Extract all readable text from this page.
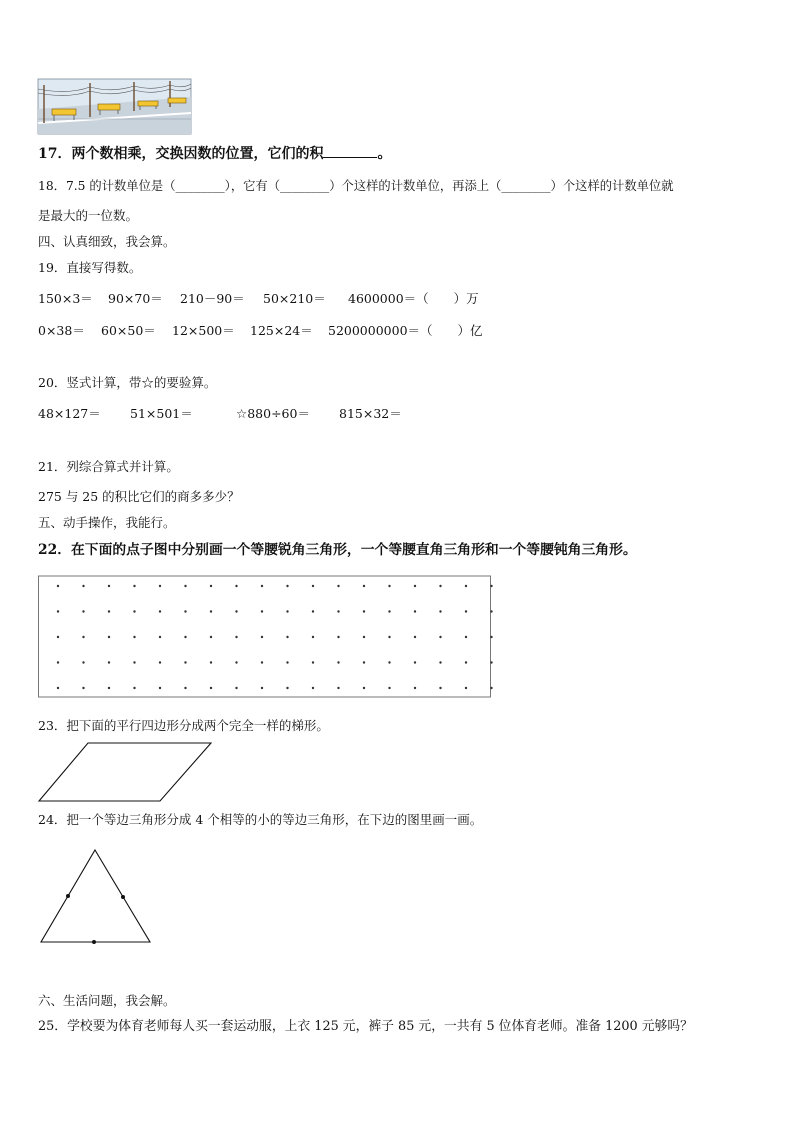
17．两个数相乘，交换因数的位置，它们的积	。
18．7.5 的计数单位是（________），它有（________）个这样的计数单位，再添上（________）个这样的计数单位就
是最大的一位数。
四、认真细致，我会算。
19．直接写得数。
150×3＝ 90×70＝ 210－90＝ 50×210＝ 4600000＝（　　）万
0×38＝ 60×50＝ 12×500＝ 125×24＝ 5200000000＝（　　）亿
20．竖式计算，带☆的要验算。
48×127＝ 51×501＝	☆880÷60＝ 815×32＝
21．列综合算式并计算。
275 与 25 的积比它们的商多多少？
五、动手操作，我能行。
22．在下面的点子图中分别画一个等腰锐角三角形，一个等腰直角三角形和一个等腰钝角三角形。
23．把下面的平行四边形分成两个完全一样的梯形。
24．把一个等边三角形分成 4 个相等的小的等边三角形，在下边的图里画一画。
六、生活问题，我会解。
25．学校要为体育老师每人买一套运动服，上衣 125 元，裤子 85 元，一共有 5 位体育老师。准备 1200 元够吗？
